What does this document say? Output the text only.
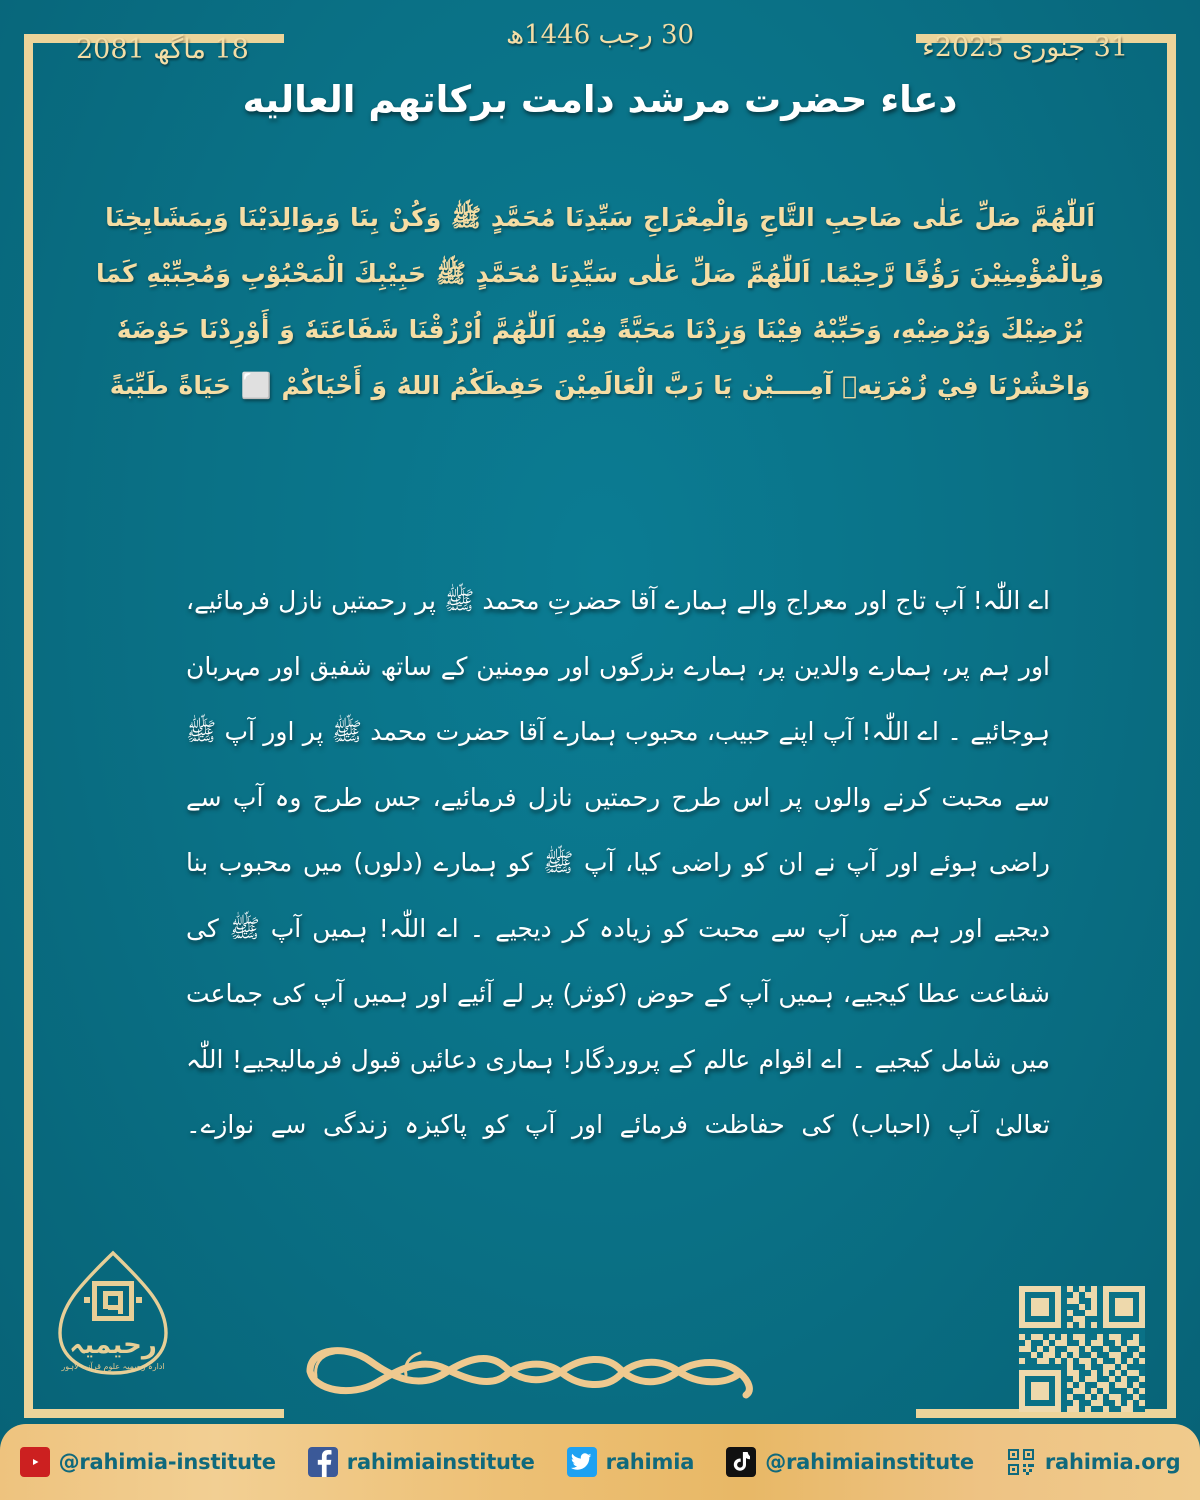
18 ماگھ 2081	30 رجب 1446ھ	31 جنوری 2025ء
دعاء حضرت مرشد دامت بركاتهم العالیه
اَللّٰهُمَّ صَلِّ عَلٰى صَاحِبِ التَّاجِ وَالْمِعْرَاجِ سَیِّدِنَا مُحَمَّدٍ ﷺ وَكُنْ بِنَا وَبِوَالِدَيْنَا وَبِمَشَايِخِنَا
وَبِالْمُؤْمِنِيْنَ رَؤُفًا رَّحِيْمًا۔ اَللّٰهُمَّ صَلِّ عَلٰى سَیِّدِنَا مُحَمَّدٍ ﷺ حَبِيْبِكَ الْمَحْبُوْبِ وَمُحِبِّيْهِ كَمَا
يُرْضِيْكَ وَيُرْضِيْهِ، وَحَبِّبْهُ فِيْنَا وَزِدْنَا مَحَبَّةً فِيْهِ اَللّٰهُمَّ اُرْزُقْنَا شَفَاعَتَهٗ وَ أَوْرِدْنَا حَوْضَهٗ
وَاحْشُرْنَا فِيْ زُمْرَتِهٖ آمِــــيْن يَا رَبَّ الْعَالَمِيْنَ حَفِظَكُمُ اللهُ وَ أَحْيَاكُمْ ⬜ حَيَاةً طَيِّبَةً
اے اللّٰہ! آپ تاج اور معراج والے ہمارے آقا حضرتِ محمد ﷺ پر رحمتیں نازل فرمائیے، اور ہم پر، ہمارے والدین پر، ہمارے بزرگوں اور مومنین کے ساتھ شفیق اور مہربان ہوجائیے ۔ اے اللّٰہ! آپ اپنے حبیب، محبوب ہمارے آقا حضرت محمد ﷺ پر اور آپ ﷺ سے محبت کرنے والوں پر اس طرح رحمتیں نازل فرمائیے، جس طرح وہ آپ سے راضی ہوئے اور آپ نے ان کو راضی کیا، آپ ﷺ کو ہمارے (دلوں) میں محبوب بنا دیجیے اور ہم میں آپ سے محبت کو زیادہ کر دیجیے ۔ اے اللّٰہ! ہمیں آپ ﷺ کی شفاعت عطا کیجیے، ہمیں آپ کے حوض (کوثر) پر لے آئیے اور ہمیں آپ کی جماعت میں شامل کیجیے ۔ اے اقوام عالم کے پروردگار! ہماری دعائیں قبول فرمالیجیے! اللّٰہ تعالیٰ آپ (احباب) کی حفاظت فرمائے اور آپ کو پاکیزہ زندگی سے نوازے۔
رحیمیہ
ادارہ رحیمیہ علومِ قرآنیہ لاہور
@rahimia-institute	rahimiainstitute	rahimia	@rahimiainstitute	rahimia.org
